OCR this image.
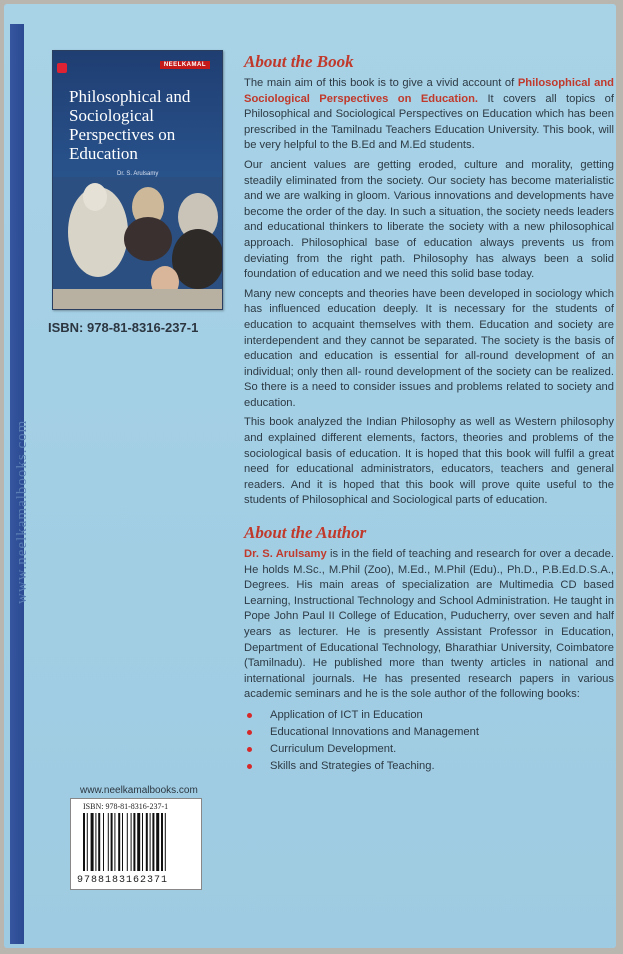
www.neelkamalbooks.com
NEELKAMAL
Philosophical and Sociological Perspectives on Education
Dr. S. Arulsamy
ISBN: 978-81-8316-237-1
About the Book

The main aim of this book is to give a vivid account of Philosophical and Sociological Perspectives on Education. It covers all topics of Philosophical and Sociological Perspectives on Education which has been prescribed in the Tamilnadu Teachers Education University. This book, will be very helpful to the B.Ed and M.Ed students.

Our ancient values are getting eroded, culture and morality, getting steadily eliminated from the society. Our society has become materialistic and we are walking in gloom. Various innovations and developments have become the order of the day. In such a situation, the society needs leaders and educational thinkers to liberate the society with a new philosophical approach. Philosophical base of education always prevents us from deviating from the right path. Philosophy has always been a solid foundation of education and we need this solid base today.

Many new concepts and theories have been developed in sociology which has influenced education deeply. It is necessary for the students of education to acquaint themselves with them. Education and society are interdependent and they cannot be separated. The society is the basis of education and education is essential for all-round development of an individual; only then all- round development of the society can be realized. So there is a need to consider issues and problems related to society and education.

This book analyzed the Indian Philosophy as well as Western philosophy and explained different elements, factors, theories and problems of the sociological basis of education. It is hoped that this book will fulfil a great need for educational administrators, educators, teachers and general readers. And it is hoped that this book will prove quite useful to the students of Philosophical and Sociological parts of education.

About the Author

Dr. S. Arulsamy is in the field of teaching and research for over a decade. He holds M.Sc., M.Phil (Zoo), M.Ed., M.Phil (Edu)., Ph.D., P.B.Ed.D.S.A., Degrees. His main areas of specialization are Multimedia CD based Learning, Instructional Technology and School Administration. He taught in Pope John Paul II College of Education, Puducherry, over seven and half years as lecturer. He is presently Assistant Professor in Education, Department of Educational Technology, Bharathiar University, Coimbatore (Tamilnadu). He published more than twenty articles in national and international journals. He has presented research papers in various academic seminars and he is the sole author of the following books:

Application of ICT in Education
Educational Innovations and Management
Curriculum Development.
Skills and Strategies of Teaching.
www.neelkamalbooks.com
ISBN: 978-81-8316-237-1
9788183162371
